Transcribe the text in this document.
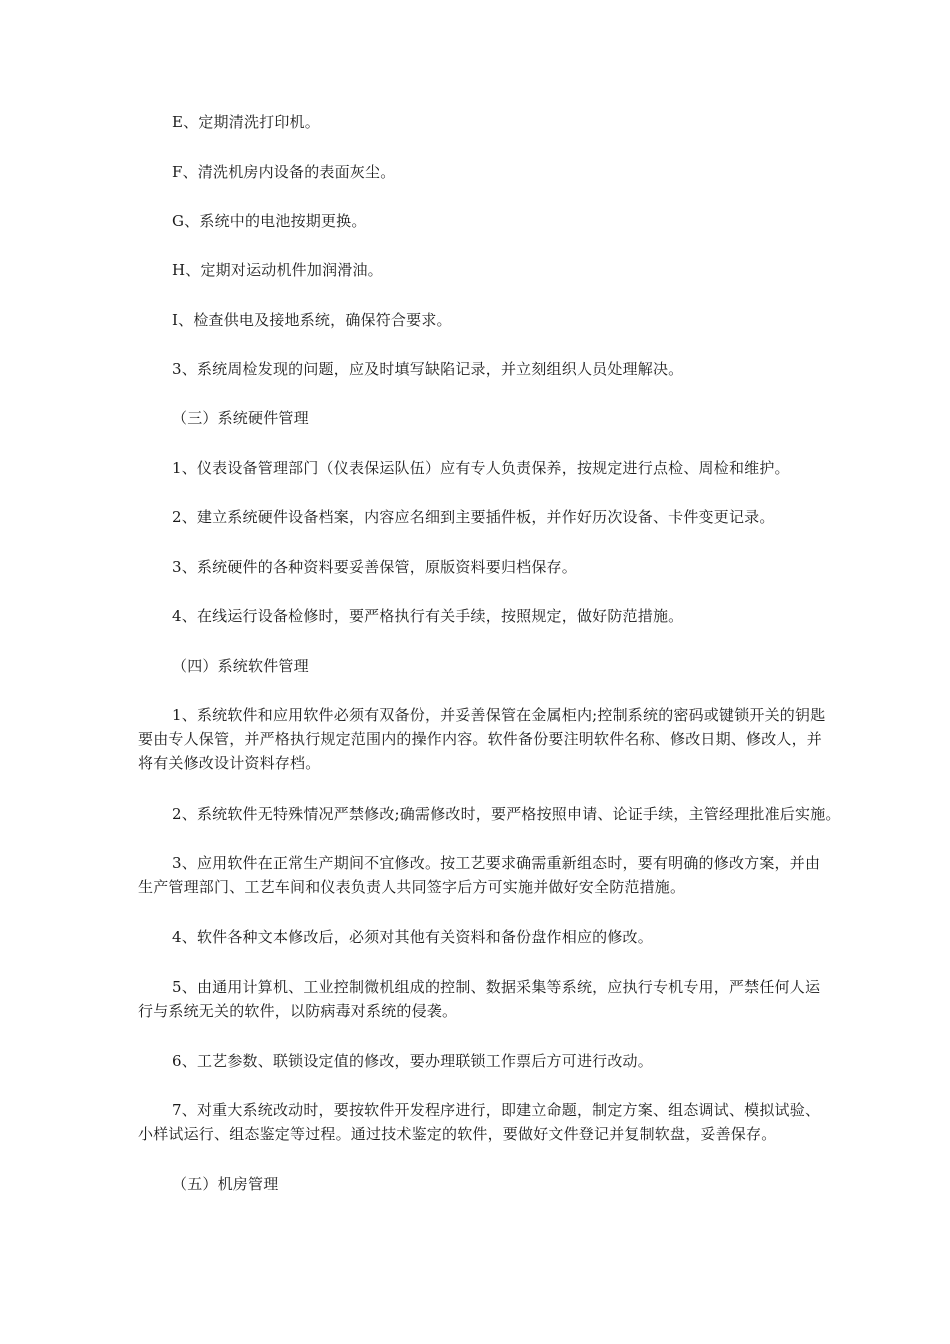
E、定期清洗打印机。
F、清洗机房内设备的表面灰尘。
G、系统中的电池按期更换。
H、定期对运动机件加润滑油。
I、检查供电及接地系统，确保符合要求。
3、系统周检发现的问题，应及时填写缺陷记录，并立刻组织人员处理解决。
（三）系统硬件管理
1、仪表设备管理部门（仪表保运队伍）应有专人负责保养，按规定进行点检、周检和维护。
2、建立系统硬件设备档案，内容应名细到主要插件板，并作好历次设备、卡件变更记录。
3、系统硬件的各种资料要妥善保管，原版资料要归档保存。
4、在线运行设备检修时，要严格执行有关手续，按照规定，做好防范措施。
（四）系统软件管理
1、系统软件和应用软件必须有双备份，并妥善保管在金属柜内;控制系统的密码或键锁开关的钥匙
要由专人保管，并严格执行规定范围内的操作内容。软件备份要注明软件名称、修改日期、修改人，并
将有关修改设计资料存档。
2、系统软件无特殊情况严禁修改;确需修改时，要严格按照申请、论证手续，主管经理批准后实施。
3、应用软件在正常生产期间不宜修改。按工艺要求确需重新组态时，要有明确的修改方案，并由
生产管理部门、工艺车间和仪表负责人共同签字后方可实施并做好安全防范措施。
4、软件各种文本修改后，必须对其他有关资料和备份盘作相应的修改。
5、由通用计算机、工业控制微机组成的控制、数据采集等系统，应执行专机专用，严禁任何人运
行与系统无关的软件，以防病毒对系统的侵袭。
6、工艺参数、联锁设定值的修改，要办理联锁工作票后方可进行改动。
7、对重大系统改动时，要按软件开发程序进行，即建立命题，制定方案、组态调试、模拟试验、
小样试运行、组态鉴定等过程。通过技术鉴定的软件，要做好文件登记并复制软盘，妥善保存。
（五）机房管理
